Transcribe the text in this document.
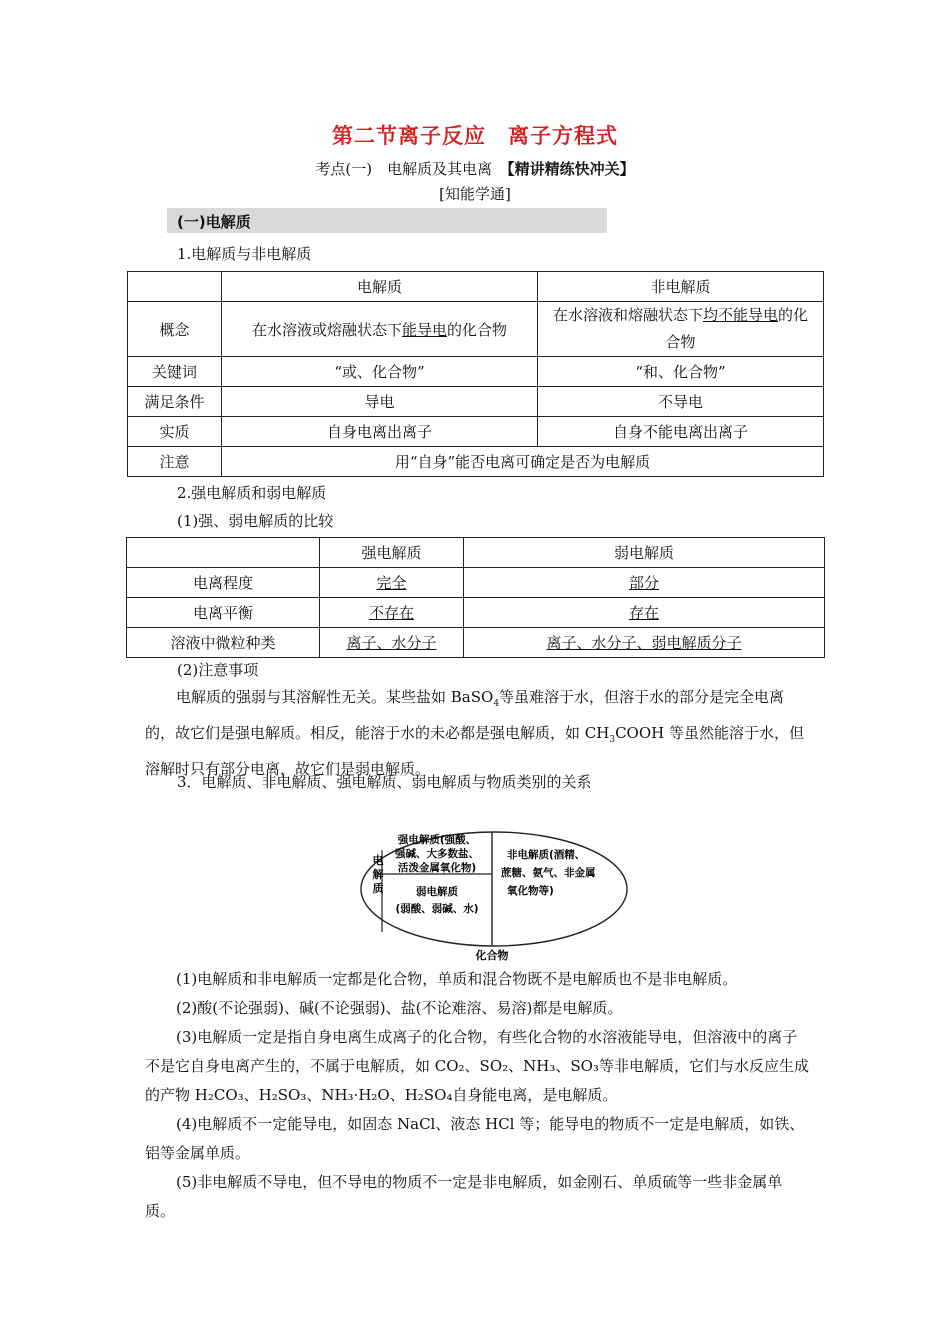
第二节离子反应　离子方程式
考点(一)　电解质及其电离　 【精讲精练快冲关】
[知能学通]
(一)电解质
1.电解质与非电解质
	电解质	非电解质
概念	在水溶液或熔融状态下能导电的化合物	在水溶液和熔融状态下均不能导电的化合物
关键词	“或、化合物”	“和、化合物”
满足条件	导电	不导电
实质	自身电离出离子	自身不能电离出离子
注意	用“自身”能否电离可确定是否为电解质	
2.强电解质和弱电解质
(1)强、弱电解质的比较
	强电解质	弱电解质
电离程度	完全	部分
电离平衡	不存在	存在
溶液中微粒种类	离子、水分子	离子、水分子、弱电解质分子
(2)注意事项

电解质的强弱与其溶解性无关。某些盐如 BaSO$_4$等虽难溶于水，但溶于水的部分是完全电离的，故它们是强电解质。相反，能溶于水的未必都是强电解质，如 $CH_3COOH$ 等虽然能溶于水，但溶解时只有部分电离，故它们是弱电解质。

3．电解质、非电解质、强电解质、弱电解质与物质类别的关系
强电解质(强酸、
强碱、大多数盐、
活泼金属氧化物)
弱电解质
(弱酸、弱碱、水)
电
解
质
非电解质(酒精、
蔗糖、氨气、非金属
氧化物等)
化合物

(1)电解质和非电解质一定都是化合物，单质和混合物既不是电解质也不是非电解质。

(2)酸(不论强弱)、碱(不论强弱)、盐(不论难溶、易溶)都是电解质。

(3)电解质一定是指自身电离生成离子的化合物，有些化合物的水溶液能导电，但溶液中的离子不是它自身电离产生的，不属于电解质，如 CO₂、SO₂、NH₃、SO₃等非电解质，它们与水反应生成的产物 H₂CO₃、H₂SO₃、NH₃·H₂O、H₂SO₄自身能电离，是电解质。

(4)电解质不一定能导电，如固态 NaCl、液态 HCl 等；能导电的物质不一定是电解质，如铁、铝等金属单质。

(5)非电解质不导电，但不导电的物质不一定是非电解质，如金刚石、单质硫等一些非金属单质。
